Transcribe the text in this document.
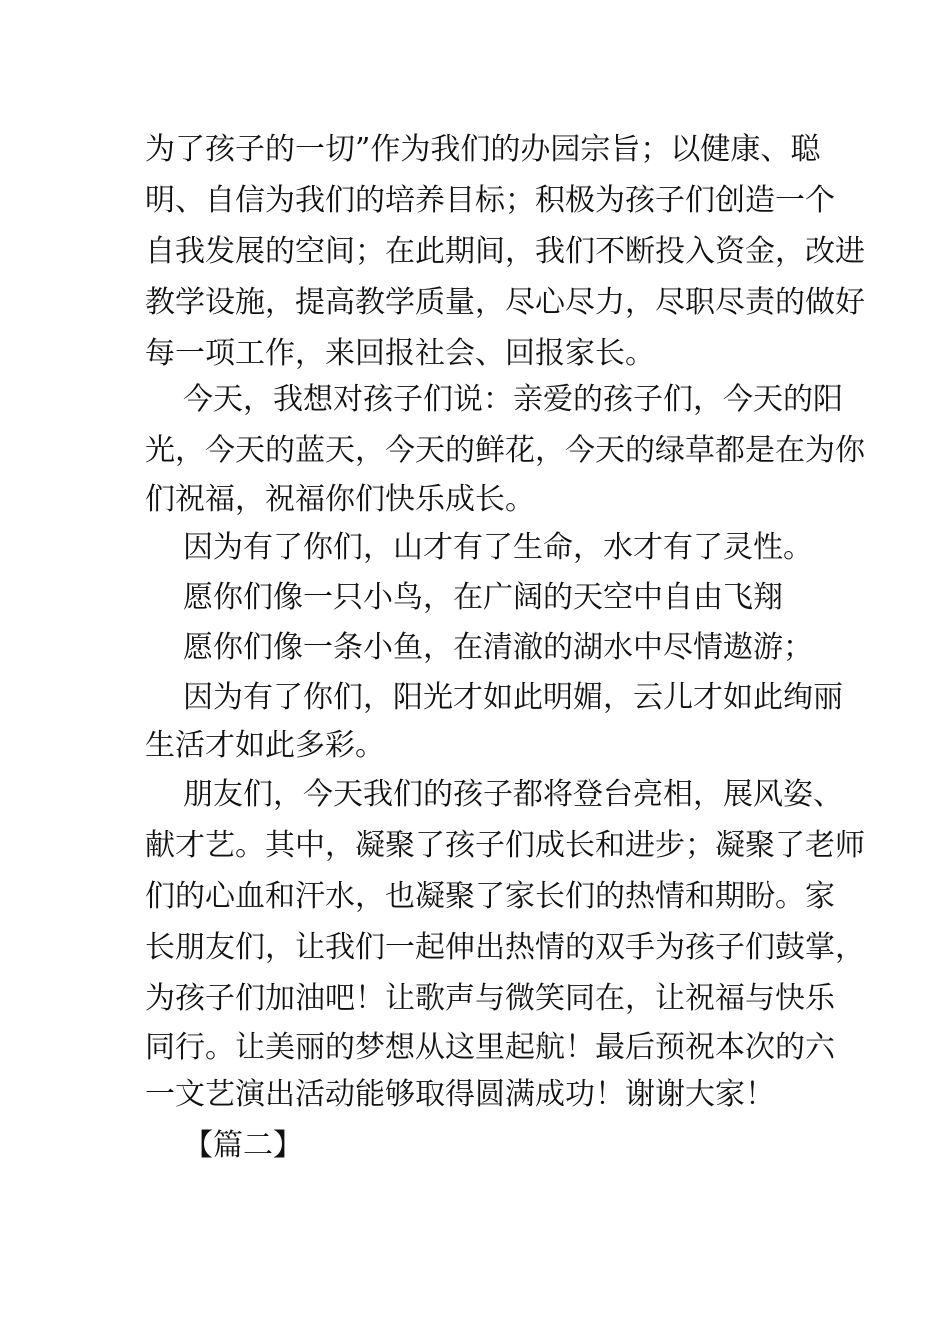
为了孩子的一切”作为我们的办园宗旨；以健康、聪
明、自信为我们的培养目标；积极为孩子们创造一个
自我发展的空间；在此期间，我们不断投入资金，改进
教学设施，提高教学质量，尽心尽力，尽职尽责的做好
每一项工作，来回报社会、回报家长。
今天，我想对孩子们说：亲爱的孩子们，今天的阳
光，今天的蓝天，今天的鲜花，今天的绿草都是在为你
们祝福，祝福你们快乐成长。
因为有了你们，山才有了生命，水才有了灵性。
愿你们像一只小鸟，在广阔的天空中自由飞翔
愿你们像一条小鱼，在清澈的湖水中尽情遨游；
因为有了你们，阳光才如此明媚，云儿才如此绚丽
生活才如此多彩。
朋友们，今天我们的孩子都将登台亮相，展风姿、
献才艺。其中，凝聚了孩子们成长和进步；凝聚了老师
们的心血和汗水，也凝聚了家长们的热情和期盼。家
长朋友们，让我们一起伸出热情的双手为孩子们鼓掌，
为孩子们加油吧！让歌声与微笑同在，让祝福与快乐
同行。让美丽的梦想从这里起航！最后预祝本次的六
一文艺演出活动能够取得圆满成功！谢谢大家！
【篇二】
